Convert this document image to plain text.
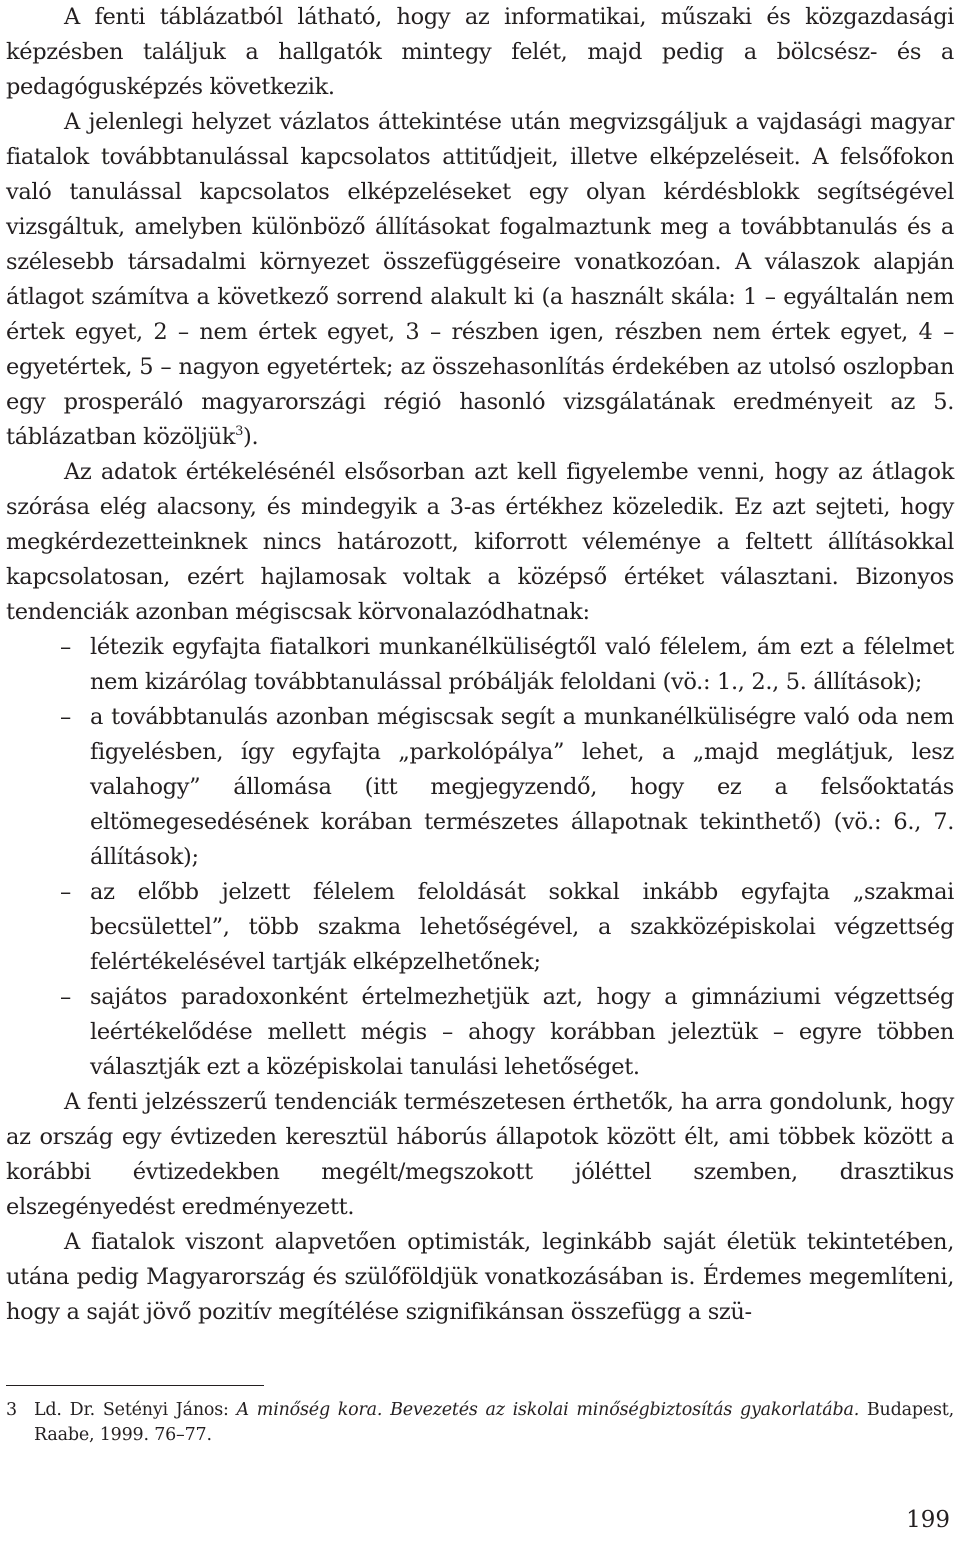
A fenti táblázatból látható, hogy az informatikai, műszaki és közgazdasági képzésben találjuk a hallgatók mintegy felét, majd pedig a bölcsész- és a pedagógusképzés következik.

A jelenlegi helyzet vázlatos áttekintése után megvizsgáljuk a vajdasági magyar fiatalok továbbtanulással kapcsolatos attitűdjeit, illetve elképzeléseit. A felsőfokon való tanulással kapcsolatos elképzeléseket egy olyan kérdésblokk segítségével vizsgáltuk, amelyben különböző állításokat fogalmaztunk meg a továbbtanulás és a szélesebb társadalmi környezet összefüggéseire vonatkozóan. A válaszok alapján átlagot számítva a következő sorrend alakult ki (a használt skála: 1 – egyáltalán nem értek egyet, 2 – nem értek egyet, 3 – részben igen, részben nem értek egyet, 4 – egyetértek, 5 – nagyon egyetértek; az összehasonlítás érdekében az utolsó oszlopban egy prosperáló magyarországi régió hasonló vizsgálatának eredményeit az 5. táblázatban közöljük$^3$).

Az adatok értékelésénél elsősorban azt kell figyelembe venni, hogy az átlagok szórása elég alacsony, és mindegyik a 3-as értékhez közeledik. Ez azt sejteti, hogy megkérdezetteinknek nincs határozott, kiforrott véleménye a feltett állításokkal kapcsolatosan, ezért hajlamosak voltak a középső értéket választani. Bizonyos tendenciák azonban mégiscsak körvonalazódhatnak:

– létezik egyfajta fiatalkori munkanélküliségtől való félelem, ám ezt a félelmet nem kizárólag továbbtanulással próbálják feloldani (vö.: 1., 2., 5. állítások);
– a továbbtanulás azonban mégiscsak segít a munkanélküliségre való oda nem figyelésben, így egyfajta „parkolópálya” lehet, a „majd meglátjuk, lesz valahogy” állomása (itt megjegyzendő, hogy ez a felsőoktatás eltömegesedésének korában természetes állapotnak tekinthető) (vö.: 6., 7. állítások);
– az előbb jelzett félelem feloldását sokkal inkább egyfajta „szakmai becsülettel”, több szakma lehetőségével, a szakközépiskolai végzettség felértékelésével tartják elképzelhetőnek;
– sajátos paradoxonként értelmezhetjük azt, hogy a gimnáziumi végzettség leértékelődése mellett mégis – ahogy korábban jeleztük – egyre többen választják ezt a középiskolai tanulási lehetőséget.

A fenti jelzésszerű tendenciák természetesen érthetők, ha arra gondolunk, hogy az ország egy évtizeden keresztül háborús állapotok között élt, ami többek között a korábbi évtizedekben megélt/megszokott jóléttel szemben, drasztikus elszegényedést eredményezett.

A fiatalok viszont alapvetően optimisták, leginkább saját életük tekintetében, utána pedig Magyarország és szülőföldjük vonatkozásában is. Érdemes megemlíteni, hogy a saját jövő pozitív megítélése szignifikánsan összefügg a szü-

3 Ld. Dr. Setényi János: A minőség kora. Bevezetés az iskolai minőségbiztosítás gyakorlatába. Budapest, Raabe, 1999. 76–77.
199
